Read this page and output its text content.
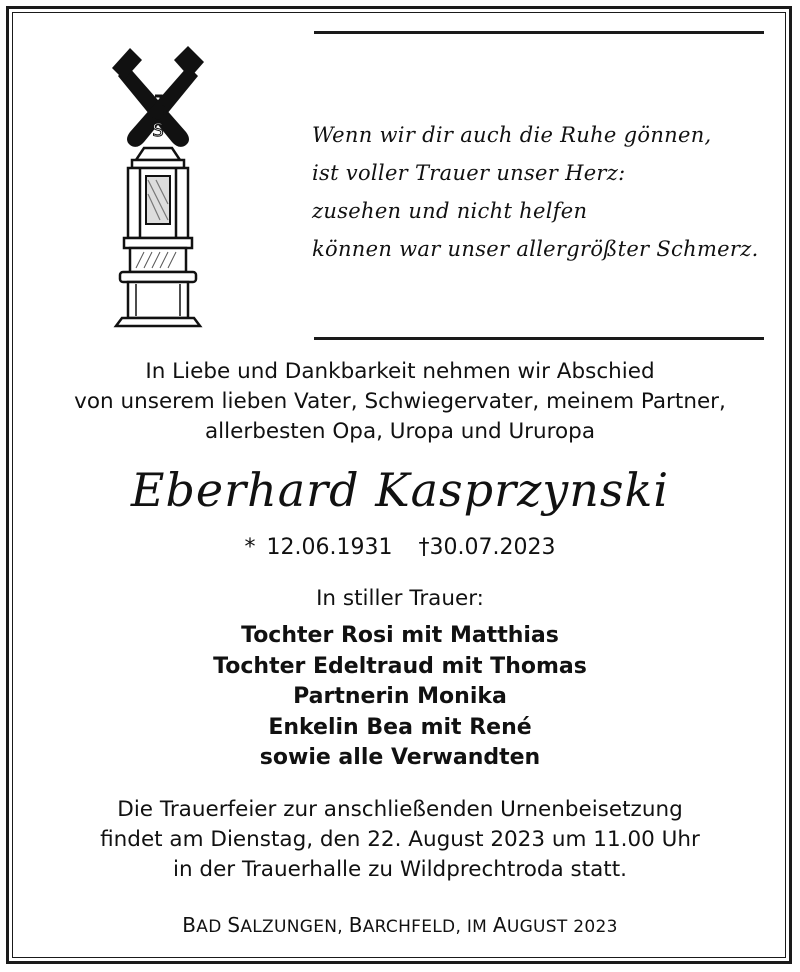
S	Wenn wir dir auch die Ruhe gönnen,
ist voller Trauer unser Herz:
zusehen und nicht helfen
können war unser allergrößter Schmerz.
In Liebe und Dankbarkeit nehmen wir Abschied
von unserem lieben Vater, Schwiegervater, meinem Partner,
allerbesten Opa, Uropa und Ururopa
Eberhard Kasprzynski
* 12.06.1931 †30.07.2023
In stiller Trauer:
Tochter Rosi mit Matthias
Tochter Edeltraud mit Thomas
Partnerin Monika
Enkelin Bea mit René
sowie alle Verwandten
Die Trauerfeier zur anschließenden Urnenbeisetzung
findet am Dienstag, den 22. August 2023 um 11.00 Uhr
in der Trauerhalle zu Wildprechtroda statt.
BAD SALZUNGEN, BARCHFELD, IM AUGUST 2023
